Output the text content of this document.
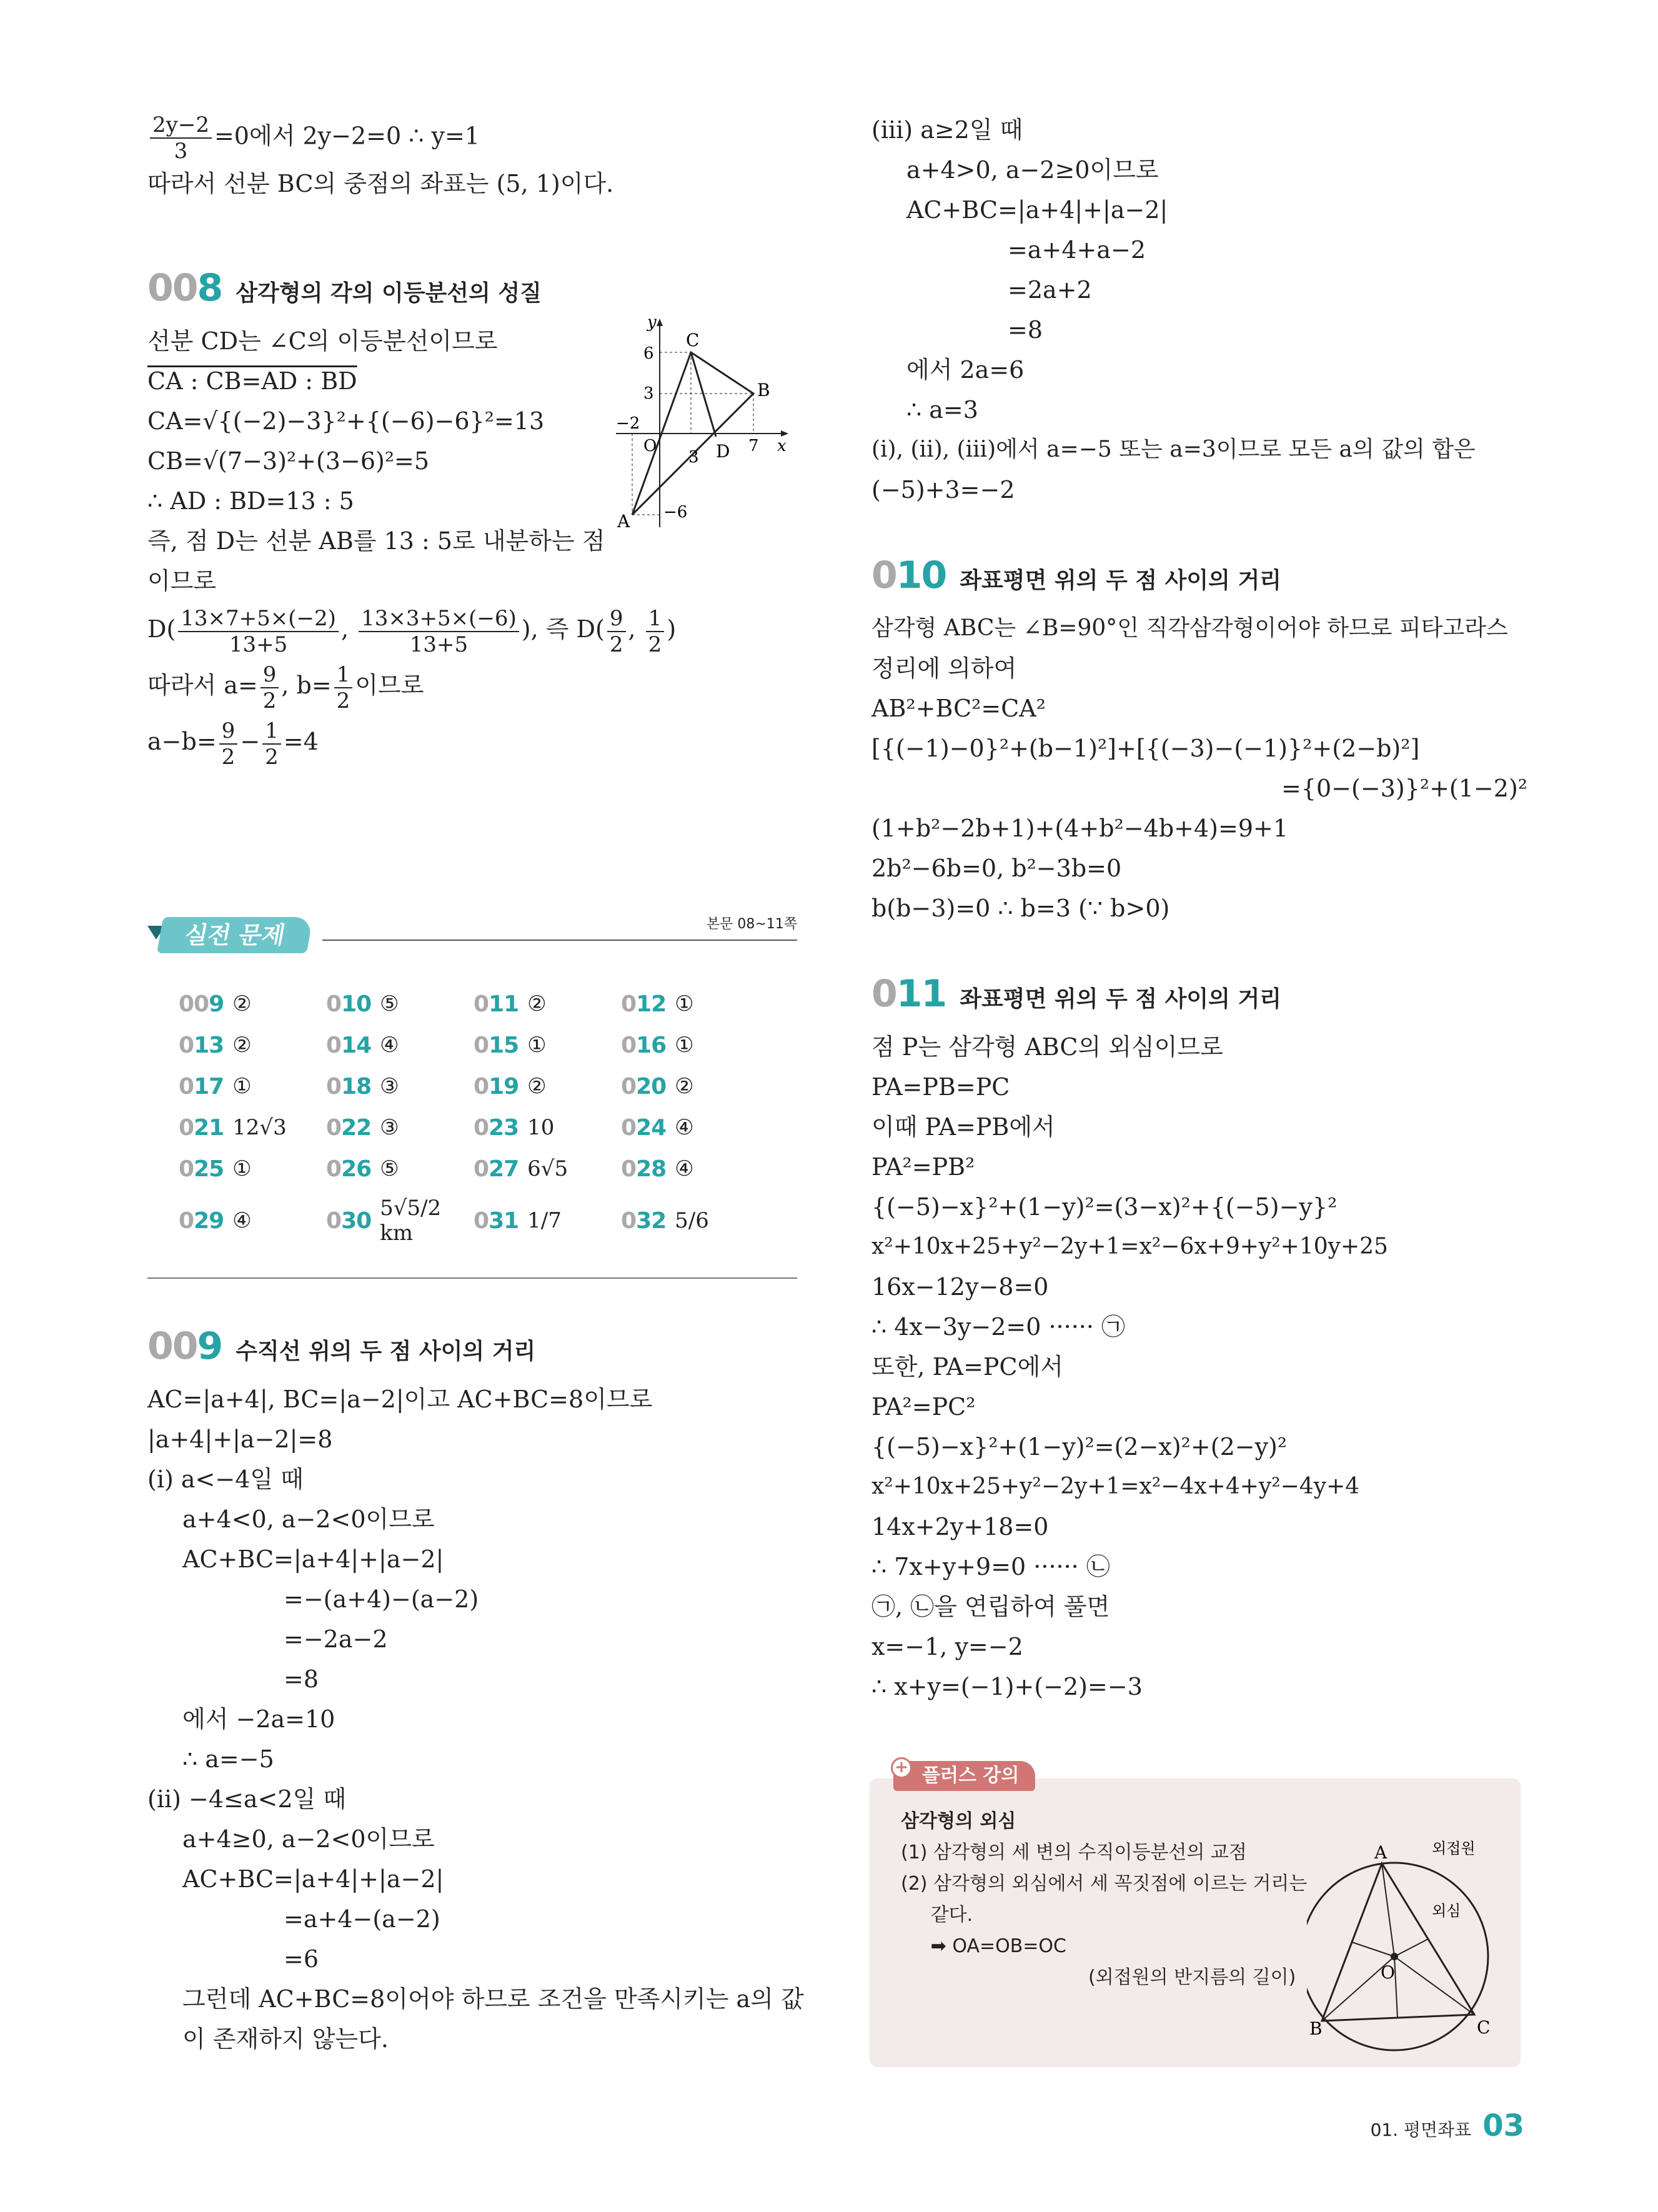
$\frac{2y-2}{3} =0$에서 2y−2=0 ∴ y=1
따라서 선분 BC의 중점의 좌표는 (5, 1)이다.
008 삼각형의 각의 이등분선의 성질
선분 CD는 ∠C의 이등분선이므로
CA : CB=AD : BD
CA=√{(−2)−3}²+{(−6)−6}²=13
CB=√(7−3)²+(3−6)²=5
∴ AD : BD=13 : 5
즉, 점 D는 선분 AB를 13 : 5로 내분하는 점
이므로
y
6
3
−2
O
3
7 x
−6
A
B
C
D
$D( \frac{13\times 7+5\times(-2)}{13+5}$ , $\frac{13\times 3+5\times(-6)}{13+5}$ ), 즉 $D( \frac{9}{2}$ , $\frac{1}{2}$ )
따라서 $a= \frac{9}{2}$ , $b= \frac{1}{2}$ 이므로
$a-b= \frac{9}{2} - \frac{1}{2} =4$
실전 문제	본문 08~11쪽
009 ②	010 ⑤	011 ②	012 ①
013 ②	014 ④	015 ①	016 ①
017 ①	018 ③	019 ②	020 ②
021 12√3 022 ③	023 10	024 ④
025 ①	026 ⑤	027 6√5 028 ④
029 ④	030 5√5/2 km	031 1/7	032 5/6
009 수직선 위의 두 점 사이의 거리
AC=|a+4|, BC=|a−2|이고 AC+BC=8이므로
|a+4|+|a−2|=8
(ⅰ) a<−4일 때
a+4<0, a−2<0이므로
AC+BC=|a+4|+|a−2|
=−(a+4)−(a−2)
=−2a−2
=8
에서 −2a=10
∴ a=−5
(ⅱ) −4≤a<2일 때
a+4≥0, a−2<0이므로
AC+BC=|a+4|+|a−2|
=a+4−(a−2)
=6
그런데 AC+BC=8이어야 하므로 조건을 만족시키는 a의 값
이 존재하지 않는다.
(ⅲ) a≥2일 때
a+4>0, a−2≥0이므로
AC+BC=|a+4|+|a−2|
=a+4+a−2
=2a+2
=8
에서 2a=6
∴ a=3
(ⅰ), (ⅱ), (ⅲ)에서 a=−5 또는 a=3이므로 모든 a의 값의 합은
(−5)+3=−2
010 좌표평면 위의 두 점 사이의 거리
삼각형 ABC는 ∠B=90°인 직각삼각형이어야 하므로 피타고라스
정리에 의하여
AB²+BC²=CA²
[{(−1)−0}²+(b−1)²]+[{(−3)−(−1)}²+(2−b)²]
={0−(−3)}²+(1−2)²
(1+b²−2b+1)+(4+b²−4b+4)=9+1
2b²−6b=0, b²−3b=0
b(b−3)=0 ∴ b=3 (∵ b>0)
011 좌표평면 위의 두 점 사이의 거리
점 P는 삼각형 ABC의 외심이므로
PA=PB=PC
이때 PA=PB에서
PA²=PB²
{(−5)−x}²+(1−y)²=(3−x)²+{(−5)−y}²
x²+10x+25+y²−2y+1=x²−6x+9+y²+10y+25
16x−12y−8=0
∴ 4x−3y−2=0 ······ ㉠
또한, PA=PC에서
PA²=PC²
{(−5)−x}²+(1−y)²=(2−x)²+(2−y)²
x²+10x+25+y²−2y+1=x²−4x+4+y²−4y+4
14x+2y+18=0
∴ 7x+y+9=0 ······ ㉡
㉠, ㉡을 연립하여 풀면
x=−1, y=−2
∴ x+y=(−1)+(−2)=−3
플러스 강의
+
삼각형의 외심
(1) 삼각형의 세 변의 수직이등분선의 교점
(2) 삼각형의 외심에서 세 꼭짓점에 이르는 거리는
같다.
➡ OA=OB=OC
(외접원의 반지름의 길이)
A
B	C
O
외접원
외심
01. 평면좌표 03
